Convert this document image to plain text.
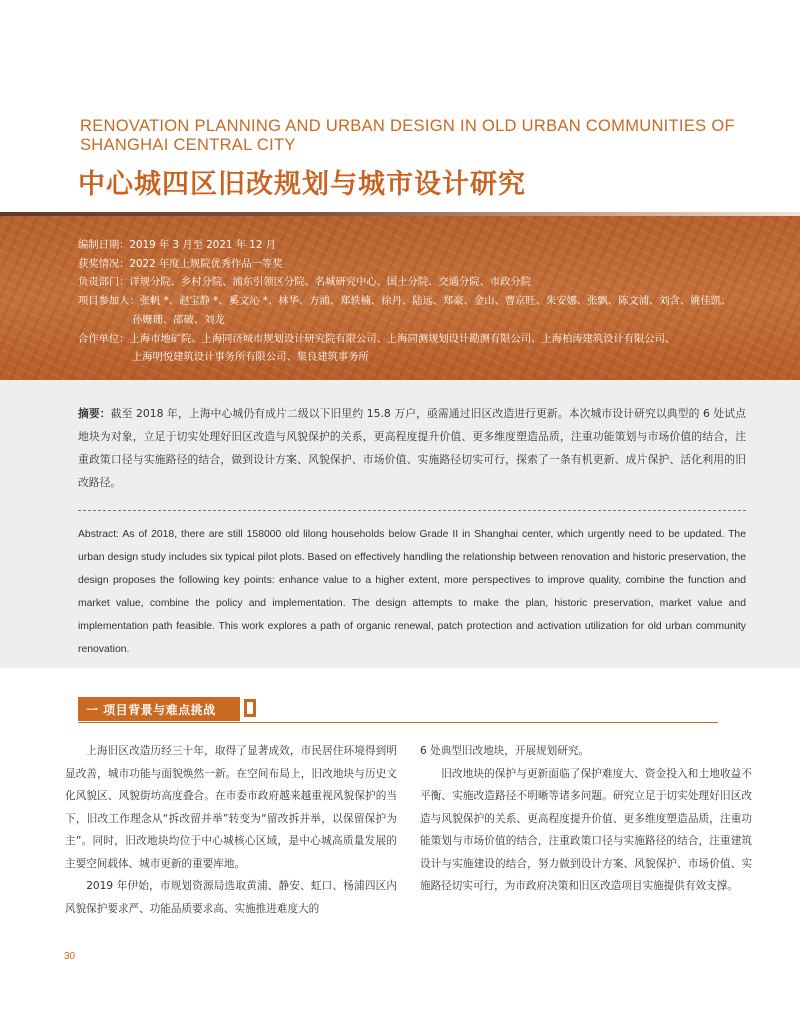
RENOVATION PLANNING AND URBAN DESIGN IN OLD URBAN COMMUNITIES OF SHANGHAI CENTRAL CITY
中心城四区旧改规划与城市设计研究
编制日期： 2019 年 3 月至 2021 年 12 月
获奖情况： 2022 年度上规院优秀作品一等奖
负责部门： 详规分院、乡村分院、浦东引领区分院、名城研究中心、国土分院、交通分院、市政分院
项目参加人： 张帆 *、赵宝静 *、奚文沁 *、林华、方浦、郑轶楠、徐丹、陆远、郑豪、金山、曹京旺、朱安娜、张飘、陈文浦、刘含、姚佳凯、
孙姗珊、邵破、刘龙
合作单位： 上海市地矿院、上海同济城市规划设计研究院有限公司、上海同测规划设计勘测有限公司、上海柏涛建筑设计有限公司、
上海明悦建筑设计事务所有限公司、集良建筑事务所
摘要：截至 2018 年，上海中心城仍有成片二级以下旧里约 15.8 万户，亟需通过旧区改造进行更新。本次城市设计研究以典型的 6 处试点地块为对象，立足于切实处理好旧区改造与风貌保护的关系，更高程度提升价值、更多维度塑造品质，注重功能策划与市场价值的结合，注重政策口径与实施路径的结合，做到设计方案、风貌保护、市场价值、实施路径切实可行，探索了一条有机更新、成片保护、活化利用的旧改路径。
Abstract: As of 2018, there are still 158000 old lilong households below Grade II in Shanghai center, which urgently need to be updated. The urban design study includes six typical pilot plots. Based on effectively handling the relationship between renovation and historic preservation, the design proposes the following key points: enhance value to a higher extent, more perspectives to improve quality, combine the function and market value, combine the policy and implementation. The design attempts to make the plan, historic preservation, market value and implementation path feasible. This work explores a path of organic renewal, patch protection and activation utilization for old urban community renovation.
一 项目背景与难点挑战

上海旧区改造历经三十年，取得了显著成效，市民居住环境得到明显改善，城市功能与面貌焕然一新。在空间布局上，旧改地块与历史文化风貌区、风貌街坊高度叠合。在市委市政府越来越重视风貌保护的当下，旧改工作理念从“拆改留并举”转变为“留改拆并举，以保留保护为主”。同时，旧改地块均位于中心城核心区域，是中心城高质量发展的主要空间载体、城市更新的重要库地。

2019 年伊始，市规划资源局选取黄浦、静安、虹口、杨浦四区内风貌保护要求严、功能品质要求高、实施推进难度大的

6 处典型旧改地块，开展规划研究。

旧改地块的保护与更新面临了保护难度大、资金投入和土地收益不平衡、实施改造路径不明晰等诸多问题。研究立足于切实处理好旧区改造与风貌保护的关系、更高程度提升价值、更多维度塑造品质，注重功能策划与市场价值的结合，注重政策口径与实施路径的结合，注重建筑设计与实施建设的结合，努力做到设计方案、风貌保护、市场价值、实施路径切实可行，为市政府决策和旧区改造项目实施提供有效支撑。

30
